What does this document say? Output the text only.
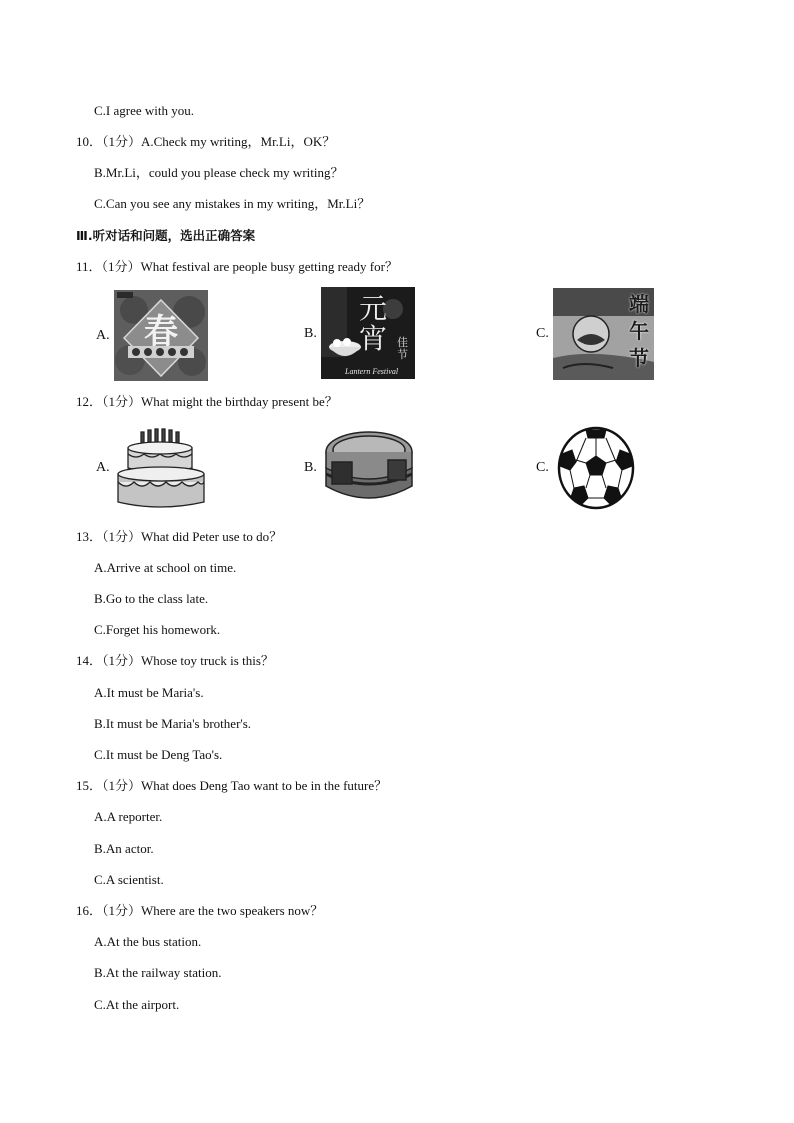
C.I agree with you.
10．（1分）A.Check my writing，Mr.Li，OK？
B.Mr.Li，could you please check my writing？
C.Can you see any mistakes in my writing，Mr.Li？
Ⅲ.听对话和问题，选出正确答案
11．（1分）What festival are people busy getting ready for？
A.	B.	C.
春
元宵 佳节
Lantern Festival
端午节
12．（1分）What might the birthday present be？
A.	B.	C.
13．（1分）What did Peter use to do？
A.Arrive at school on time.
B.Go to the class late.
C.Forget his homework.
14．（1分）Whose toy truck is this？
A.It must be Maria's.
B.It must be Maria's brother's.
C.It must be Deng Tao's.
15．（1分）What does Deng Tao want to be in the future？
A.A reporter.
B.An actor.
C.A scientist.
16．（1分）Where are the two speakers now？
A.At the bus station.
B.At the railway station.
C.At the airport.
